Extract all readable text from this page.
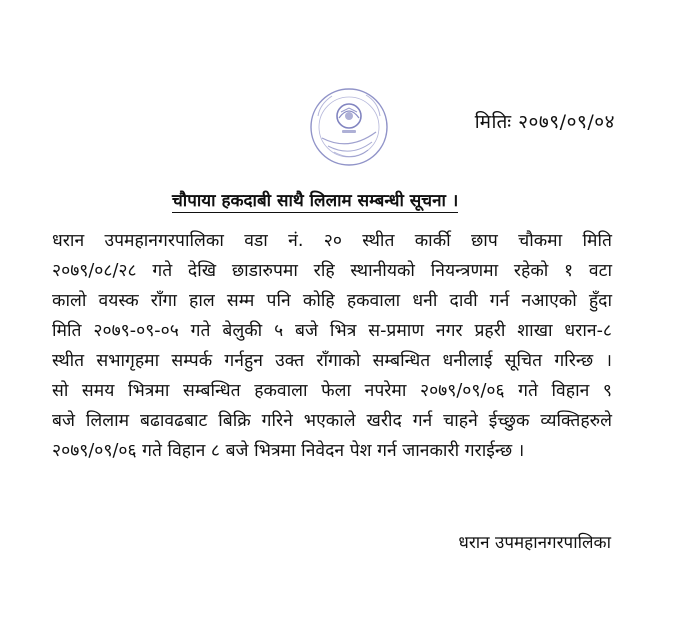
मितिः २०७९/०९/०४
चौपाया हकदाबी साथै लिलाम सम्बन्धी सूचना ।
धरान उपमहानगरपालिका वडा नं. २० स्थीत कार्की छाप चौकमा मिति
२०७९/०८/२८ गते देखि छाडारुपमा रहि स्थानीयको नियन्त्रणमा रहेको १ वटा
कालो वयस्क राँगा हाल सम्म पनि कोहि हकवाला धनी दावी गर्न नआएको हुँदा
मिति २०७९-०९-०५ गते बेलुकी ५ बजे भित्र स-प्रमाण नगर प्रहरी शाखा धरान-८
स्थीत सभागृहमा सम्पर्क गर्नहुन उक्त राँगाको सम्बन्धित धनीलाई सूचित गरिन्छ ।
सो समय भित्रमा सम्बन्धित हकवाला फेला नपरेमा २०७९/०९/०६ गते विहान ९
बजे लिलाम बढावढबाट बिक्रि गरिने भएकाले खरीद गर्न चाहने ईच्छुक व्यक्तिहरुले
२०७९/०९/०६ गते विहान ८ बजे भित्रमा निवेदन पेश गर्न जानकारी गराईन्छ ।
धरान उपमहानगरपालिका
